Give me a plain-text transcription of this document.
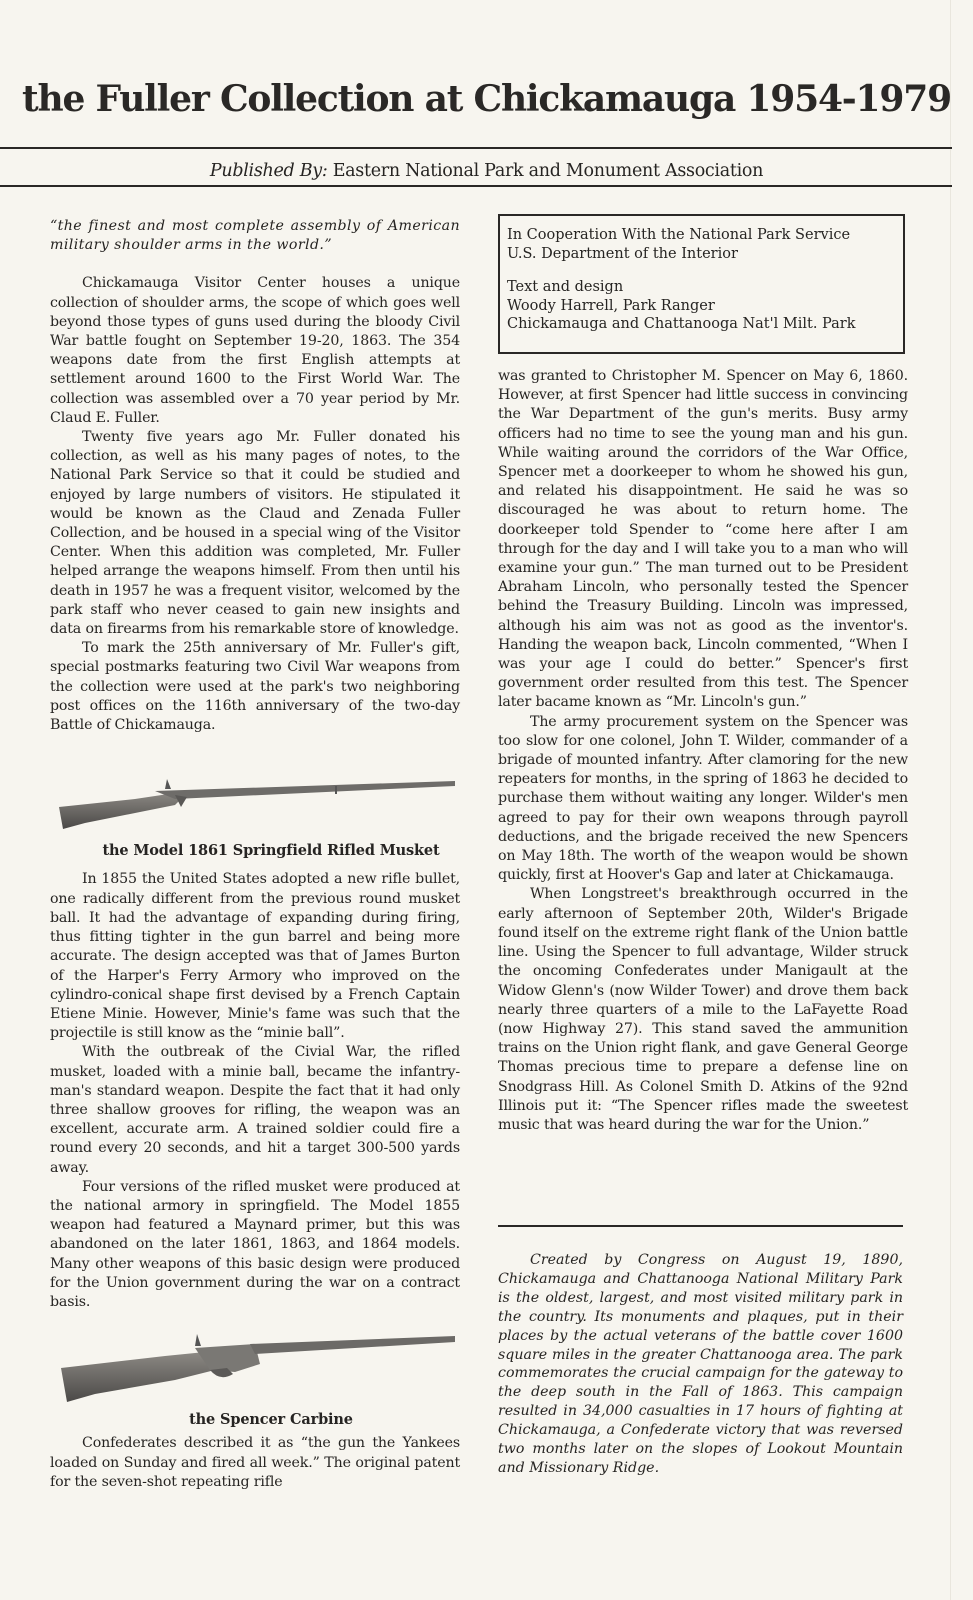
the Fuller Collection at Chickamauga 1954-1979
Published By: Eastern National Park and Monument Association

“the finest and most complete assembly of American military shoulder arms in the world.”

Chickamauga Visitor Center houses a unique collection of shoulder arms, the scope of which goes well beyond those types of guns used during the bloody Civil War battle fought on September 19-20, 1863. The 354 weapons date from the first English attempts at settlement around 1600 to the First World War. The collection was assembled over a 70 year period by Mr. Claud E. Fuller.

Twenty five years ago Mr. Fuller donated his collection, as well as his many pages of notes, to the National Park Service so that it could be studied and enjoyed by large numbers of visitors. He stipulated it would be known as the Claud and Zenada Fuller Collection, and be housed in a special wing of the Visitor Center. When this addition was completed, Mr. Fuller helped arrange the weapons himself. From then until his death in 1957 he was a frequent visitor, welcomed by the park staff who never ceased to gain new insights and data on firearms from his remarkable store of knowledge.

To mark the 25th anniversary of Mr. Fuller's gift, special postmarks featuring two Civil War weapons from the collection were used at the park's two neighboring post offices on the 116th anniversary of the two-day Battle of Chickamauga.

the Model 1861 Springfield Rifled Musket

In 1855 the United States adopted a new rifle bullet, one radically different from the previous round musket ball. It had the advantage of expanding during firing, thus fitting tighter in the gun barrel and being more accurate. The design accepted was that of James Burton of the Harper's Ferry Armory who improved on the cylindro-conical shape first devised by a French Captain Etiene Minie. However, Minie's fame was such that the projectile is still know as the “minie ball”.

With the outbreak of the Civial War, the rifled musket, loaded with a minie ball, became the infantry-man's standard weapon. Despite the fact that it had only three shallow grooves for rifling, the weapon was an excellent, accurate arm. A trained soldier could fire a round every 20 seconds, and hit a target 300-500 yards away.

Four versions of the rifled musket were produced at the national armory in springfield. The Model 1855 weapon had featured a Maynard primer, but this was abandoned on the later 1861, 1863, and 1864 models. Many other weapons of this basic design were produced for the Union government during the war on a contract basis.

the Spencer Carbine

Confederates described it as “the gun the Yankees loaded on Sunday and fired all week.” The original patent for the seven-shot repeating rifle

In Cooperation With the National Park Service
U.S. Department of the Interior
Text and design
Woody Harrell, Park Ranger
Chickamauga and Chattanooga Nat'l Milt. Park

was granted to Christopher M. Spencer on May 6, 1860. However, at first Spencer had little success in convincing the War Department of the gun's merits. Busy army officers had no time to see the young man and his gun. While waiting around the corridors of the War Office, Spencer met a doorkeeper to whom he showed his gun, and related his disappointment. He said he was so discouraged he was about to return home. The doorkeeper told Spender to “come here after I am through for the day and I will take you to a man who will examine your gun.” The man turned out to be President Abraham Lincoln, who personally tested the Spencer behind the Treasury Building. Lincoln was impressed, although his aim was not as good as the inventor's. Handing the weapon back, Lincoln commented, “When I was your age I could do better.” Spencer's first government order resulted from this test. The Spencer later bacame known as “Mr. Lincoln's gun.”

The army procurement system on the Spencer was too slow for one colonel, John T. Wilder, commander of a brigade of mounted infantry. After clamoring for the new repeaters for months, in the spring of 1863 he decided to purchase them without waiting any longer. Wilder's men agreed to pay for their own weapons through payroll deductions, and the brigade received the new Spencers on May 18th. The worth of the weapon would be shown quickly, first at Hoover's Gap and later at Chickamauga.

When Longstreet's breakthrough occurred in the early afternoon of September 20th, Wilder's Brigade found itself on the extreme right flank of the Union battle line. Using the Spencer to full advantage, Wilder struck the oncoming Confederates under Manigault at the Widow Glenn's (now Wilder Tower) and drove them back nearly three quarters of a mile to the LaFayette Road (now Highway 27). This stand saved the ammunition trains on the Union right flank, and gave General George Thomas precious time to prepare a defense line on Snodgrass Hill. As Colonel Smith D. Atkins of the 92nd Illinois put it: “The Spencer rifles made the sweetest music that was heard during the war for the Union.”

Created by Congress on August 19, 1890, Chickamauga and Chattanooga National Military Park is the oldest, largest, and most visited military park in the country. Its monuments and plaques, put in their places by the actual veterans of the battle cover 1600 square miles in the greater Chattanooga area. The park commemorates the crucial campaign for the gateway to the deep south in the Fall of 1863. This campaign resulted in 34,000 casualties in 17 hours of fighting at Chickamauga, a Confederate victory that was reversed two months later on the slopes of Lookout Mountain and Missionary Ridge.
